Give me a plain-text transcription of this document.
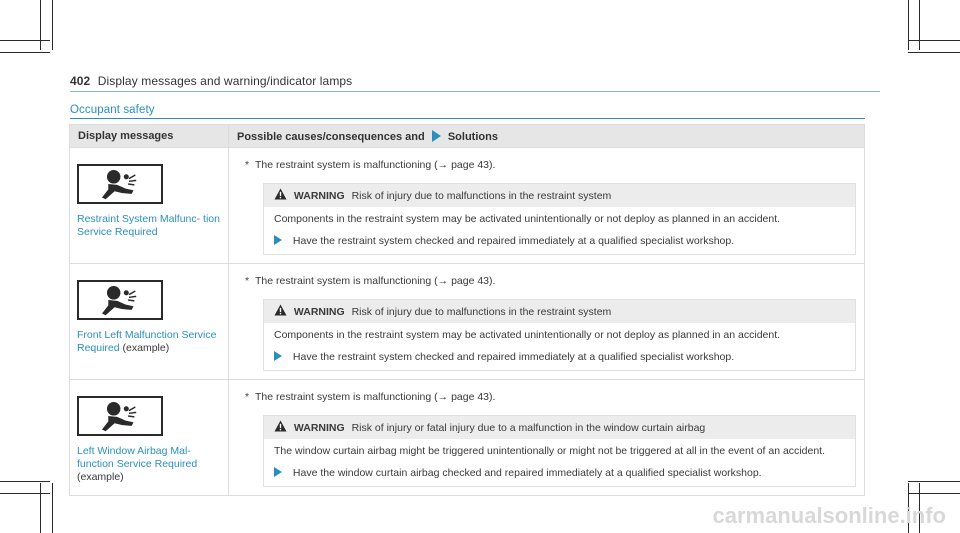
402 Display messages and warning/indicator lamps
Occupant safety
Display messages	Possible causes/consequences and Solutions

Restraint System Malfunc- tion Service Required	* The restraint system is malfunctioning (→ page 43).
WARNING Risk of injury due to malfunctions in the restraint system
Components in the restraint system may be activated unintentionally or not deploy as planned in an accident.
Have the restraint system checked and repaired immediately at a qualified specialist workshop.

Front Left Malfunction Service Required (example)	* The restraint system is malfunctioning (→ page 43).
WARNING Risk of injury due to malfunctions in the restraint system
Components in the restraint system may be activated unintentionally or not deploy as planned in an accident.
Have the restraint system checked and repaired immediately at a qualified specialist workshop.

Left Window Airbag Mal- function Service Required (example)	* The restraint system is malfunctioning (→ page 43).
WARNING Risk of injury or fatal injury due to a malfunction in the window curtain airbag
The window curtain airbag might be triggered unintentionally or might not be triggered at all in the event of an accident.
Have the window curtain airbag checked and repaired immediately at a qualified specialist workshop.
carmanualsonline.info
